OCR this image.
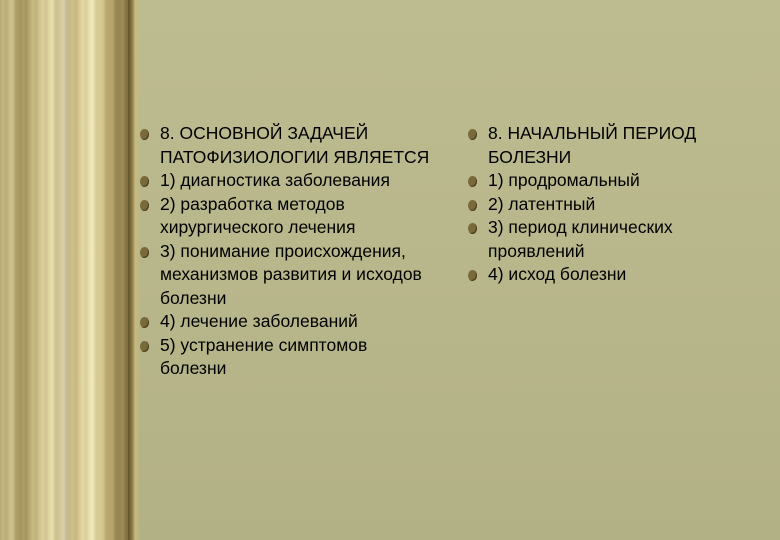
8. ОСНОВНОЙ ЗАДАЧЕЙ ПАТОФИЗИОЛОГИИ ЯВЛЯЕТСЯ
1) диагностика заболевания
2) разработка методов хирургического лечения
3) понимание происхождения, механизмов развития и исходов болезни
4) лечение заболеваний
5) устранение симптомов болезни
8. НАЧАЛЬНЫЙ ПЕРИОД БОЛЕЗНИ
1) продромальный
2) латентный
3) период клинических проявлений
4) исход болезни
